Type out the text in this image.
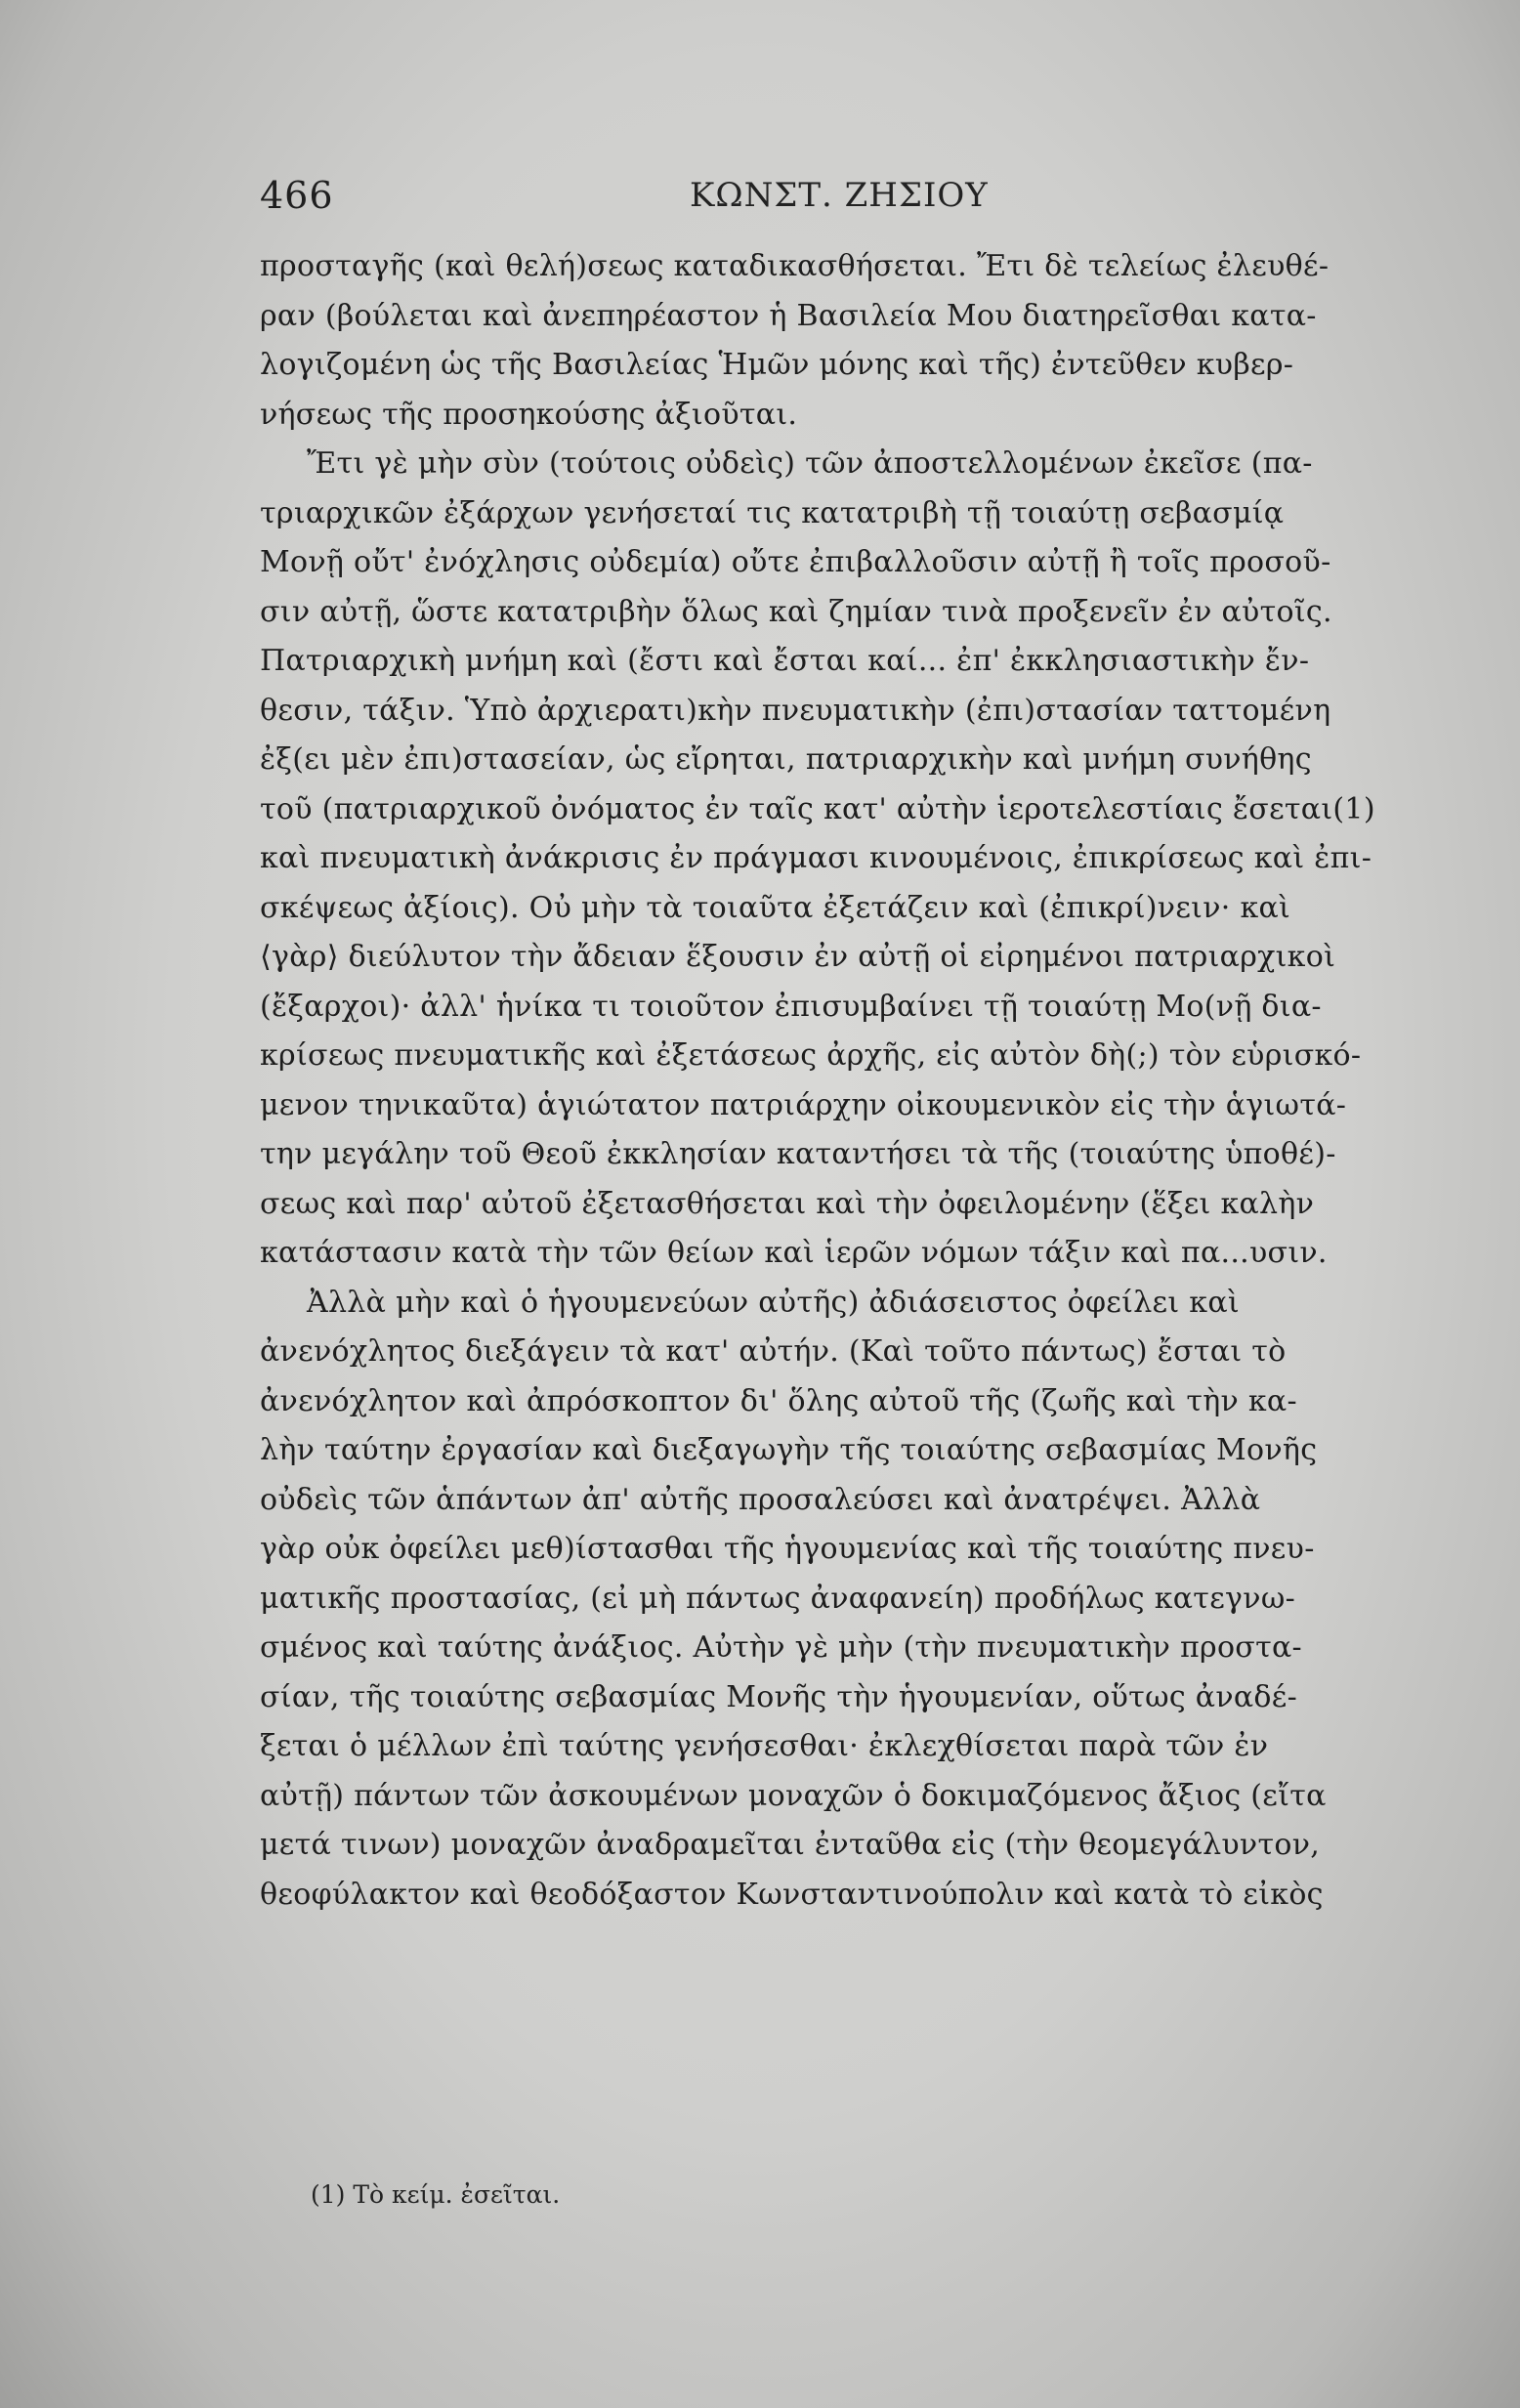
466	ΚΩΝΣΤ. ΖΗΣΙΟΥ
προσταγῆς (καὶ θελή)σεως καταδικασθήσεται. Ἔτι δὲ τελείως ἐλευθέ-
ραν (βούλεται καὶ ἀνεπηρέαστον ἡ Βασιλεία Μου διατηρεῖσθαι κατα-
λογιζομένη ὡς τῆς Βασιλείας Ἡμῶν μόνης καὶ τῆς) ἐντεῦθεν κυβερ-
νήσεως τῆς προσηκούσης ἀξιοῦται.
Ἔτι γὲ μὴν σὺν (τούτοις οὐδεὶς) τῶν ἀποστελλομένων ἐκεῖσε (πα-
τριαρχικῶν ἐξάρχων γενήσεταί τις κατατριβὴ τῇ τοιαύτῃ σεβασμίᾳ
Μονῇ οὔτ' ἐνόχλησις οὐδεμία) οὔτε ἐπιβαλλοῦσιν αὐτῇ ἢ τοῖς προσοῦ-
σιν αὐτῇ, ὥστε κατατριβὴν ὅλως καὶ ζημίαν τινὰ προξενεῖν ἐν αὐτοῖς.
Πατριαρχικὴ μνήμη καὶ (ἔστι καὶ ἔσται καί... ἐπ' ἐκκλησιαστικὴν ἔν-
θεσιν, τάξιν. Ὑπὸ ἀρχιερατι)κὴν πνευματικὴν (ἐπι)στασίαν ταττομένη
ἐξ(ει μὲν ἐπι)στασείαν, ὡς εἴρηται, πατριαρχικὴν καὶ μνήμη συνήθης
τοῦ (πατριαρχικοῦ ὀνόματος ἐν ταῖς κατ' αὐτὴν ἱεροτελεστίαις ἔσεται(1)
καὶ πνευματικὴ ἀνάκρισις ἐν πράγμασι κινουμένοις, ἐπικρίσεως καὶ ἐπι-
σκέψεως ἀξίοις). Οὐ μὴν τὰ τοιαῦτα ἐξετάζειν καὶ (ἐπικρί)νειν· καὶ
⟨γὰρ⟩ διεύλυτον τὴν ἄδειαν ἕξουσιν ἐν αὐτῇ οἱ εἰρημένοι πατριαρχικοὶ
(ἔξαρχοι)· ἀλλ' ἡνίκα τι τοιοῦτον ἐπισυμβαίνει τῇ τοιαύτῃ Μο(νῇ δια-
κρίσεως πνευματικῆς καὶ ἐξετάσεως ἀρχῆς, εἰς αὐτὸν δὴ(;) τὸν εὑρισκό-
μενον τηνικαῦτα) ἁγιώτατον πατριάρχην οἰκουμενικὸν εἰς τὴν ἁγιωτά-
την μεγάλην τοῦ Θεοῦ ἐκκλησίαν καταντήσει τὰ τῆς (τοιαύτης ὑποθέ)-
σεως καὶ παρ' αὐτοῦ ἐξετασθήσεται καὶ τὴν ὀφειλομένην (ἕξει καλὴν
κατάστασιν κατὰ τὴν τῶν θείων καὶ ἱερῶν νόμων τάξιν καὶ πα...υσιν.
Ἀλλὰ μὴν καὶ ὁ ἡγουμενεύων αὐτῆς) ἀδιάσειστος ὀφείλει καὶ
ἀνενόχλητος διεξάγειν τὰ κατ' αὐτήν. (Καὶ τοῦτο πάντως) ἔσται τὸ
ἀνενόχλητον καὶ ἀπρόσκοπτον δι' ὅλης αὐτοῦ τῆς (ζωῆς καὶ τὴν κα-
λὴν ταύτην ἐργασίαν καὶ διεξαγωγὴν τῆς τοιαύτης σεβασμίας Μονῆς
οὐδεὶς τῶν ἁπάντων ἀπ' αὐτῆς προσαλεύσει καὶ ἀνατρέψει. Ἀλλὰ
γὰρ οὐκ ὀφείλει μεθ)ίστασθαι τῆς ἡγουμενίας καὶ τῆς τοιαύτης πνευ-
ματικῆς προστασίας, (εἰ μὴ πάντως ἀναφανείη) προδήλως κατεγνω-
σμένος καὶ ταύτης ἀνάξιος. Αὐτὴν γὲ μὴν (τὴν πνευματικὴν προστα-
σίαν, τῆς τοιαύτης σεβασμίας Μονῆς τὴν ἡγουμενίαν, οὕτως ἀναδέ-
ξεται ὁ μέλλων ἐπὶ ταύτης γενήσεσθαι· ἐκλεχθίσεται παρὰ τῶν ἐν
αὐτῇ) πάντων τῶν ἀσκουμένων μοναχῶν ὁ δοκιμαζόμενος ἄξιος (εἴτα
μετά τινων) μοναχῶν ἀναδραμεῖται ἐνταῦθα εἰς (τὴν θεομεγάλυντον,
θεοφύλακτον καὶ θεοδόξαστον Κωνσταντινούπολιν καὶ κατὰ τὸ εἰκὸς
(1) Τὸ κείμ. ἐσεῖται.
